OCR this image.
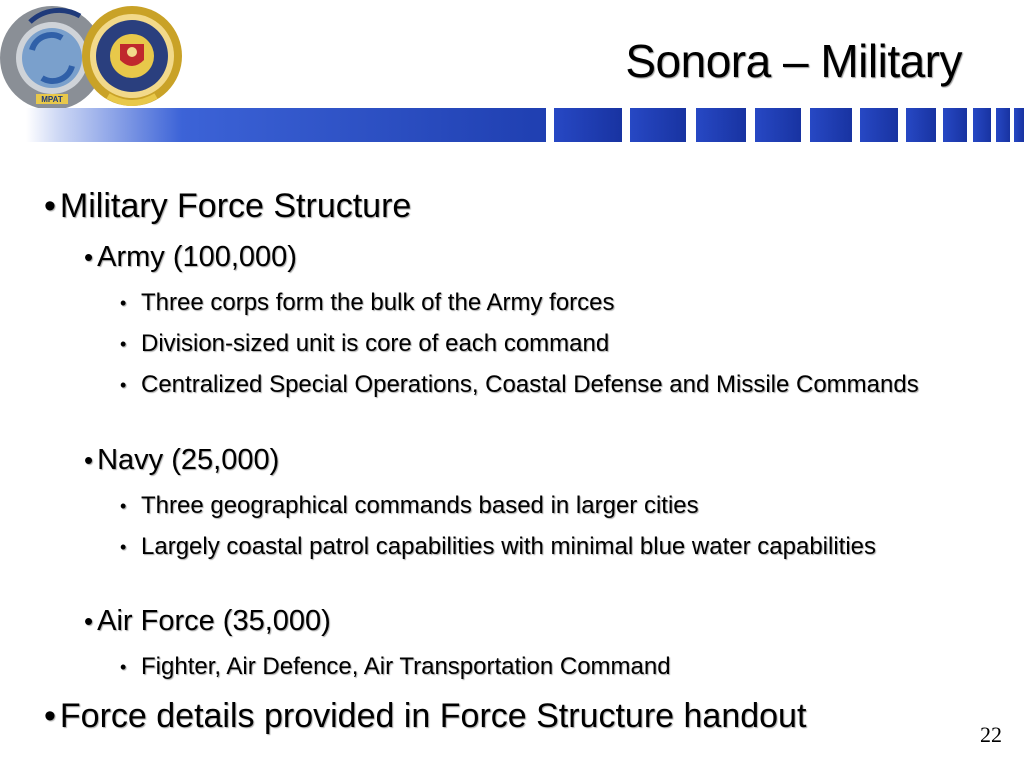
MPAT
Sonora – Military
• Military Force Structure
• Army (100,000)
• Three corps form the bulk of the Army forces
• Division-sized unit is core of each command
• Centralized Special Operations, Coastal Defense and Missile Commands
• Navy (25,000)
• Three geographical commands based in larger cities
• Largely coastal patrol capabilities with minimal blue water capabilities
• Air Force (35,000)
• Fighter, Air Defence, Air Transportation Command
• Force details provided in Force Structure handout	22
